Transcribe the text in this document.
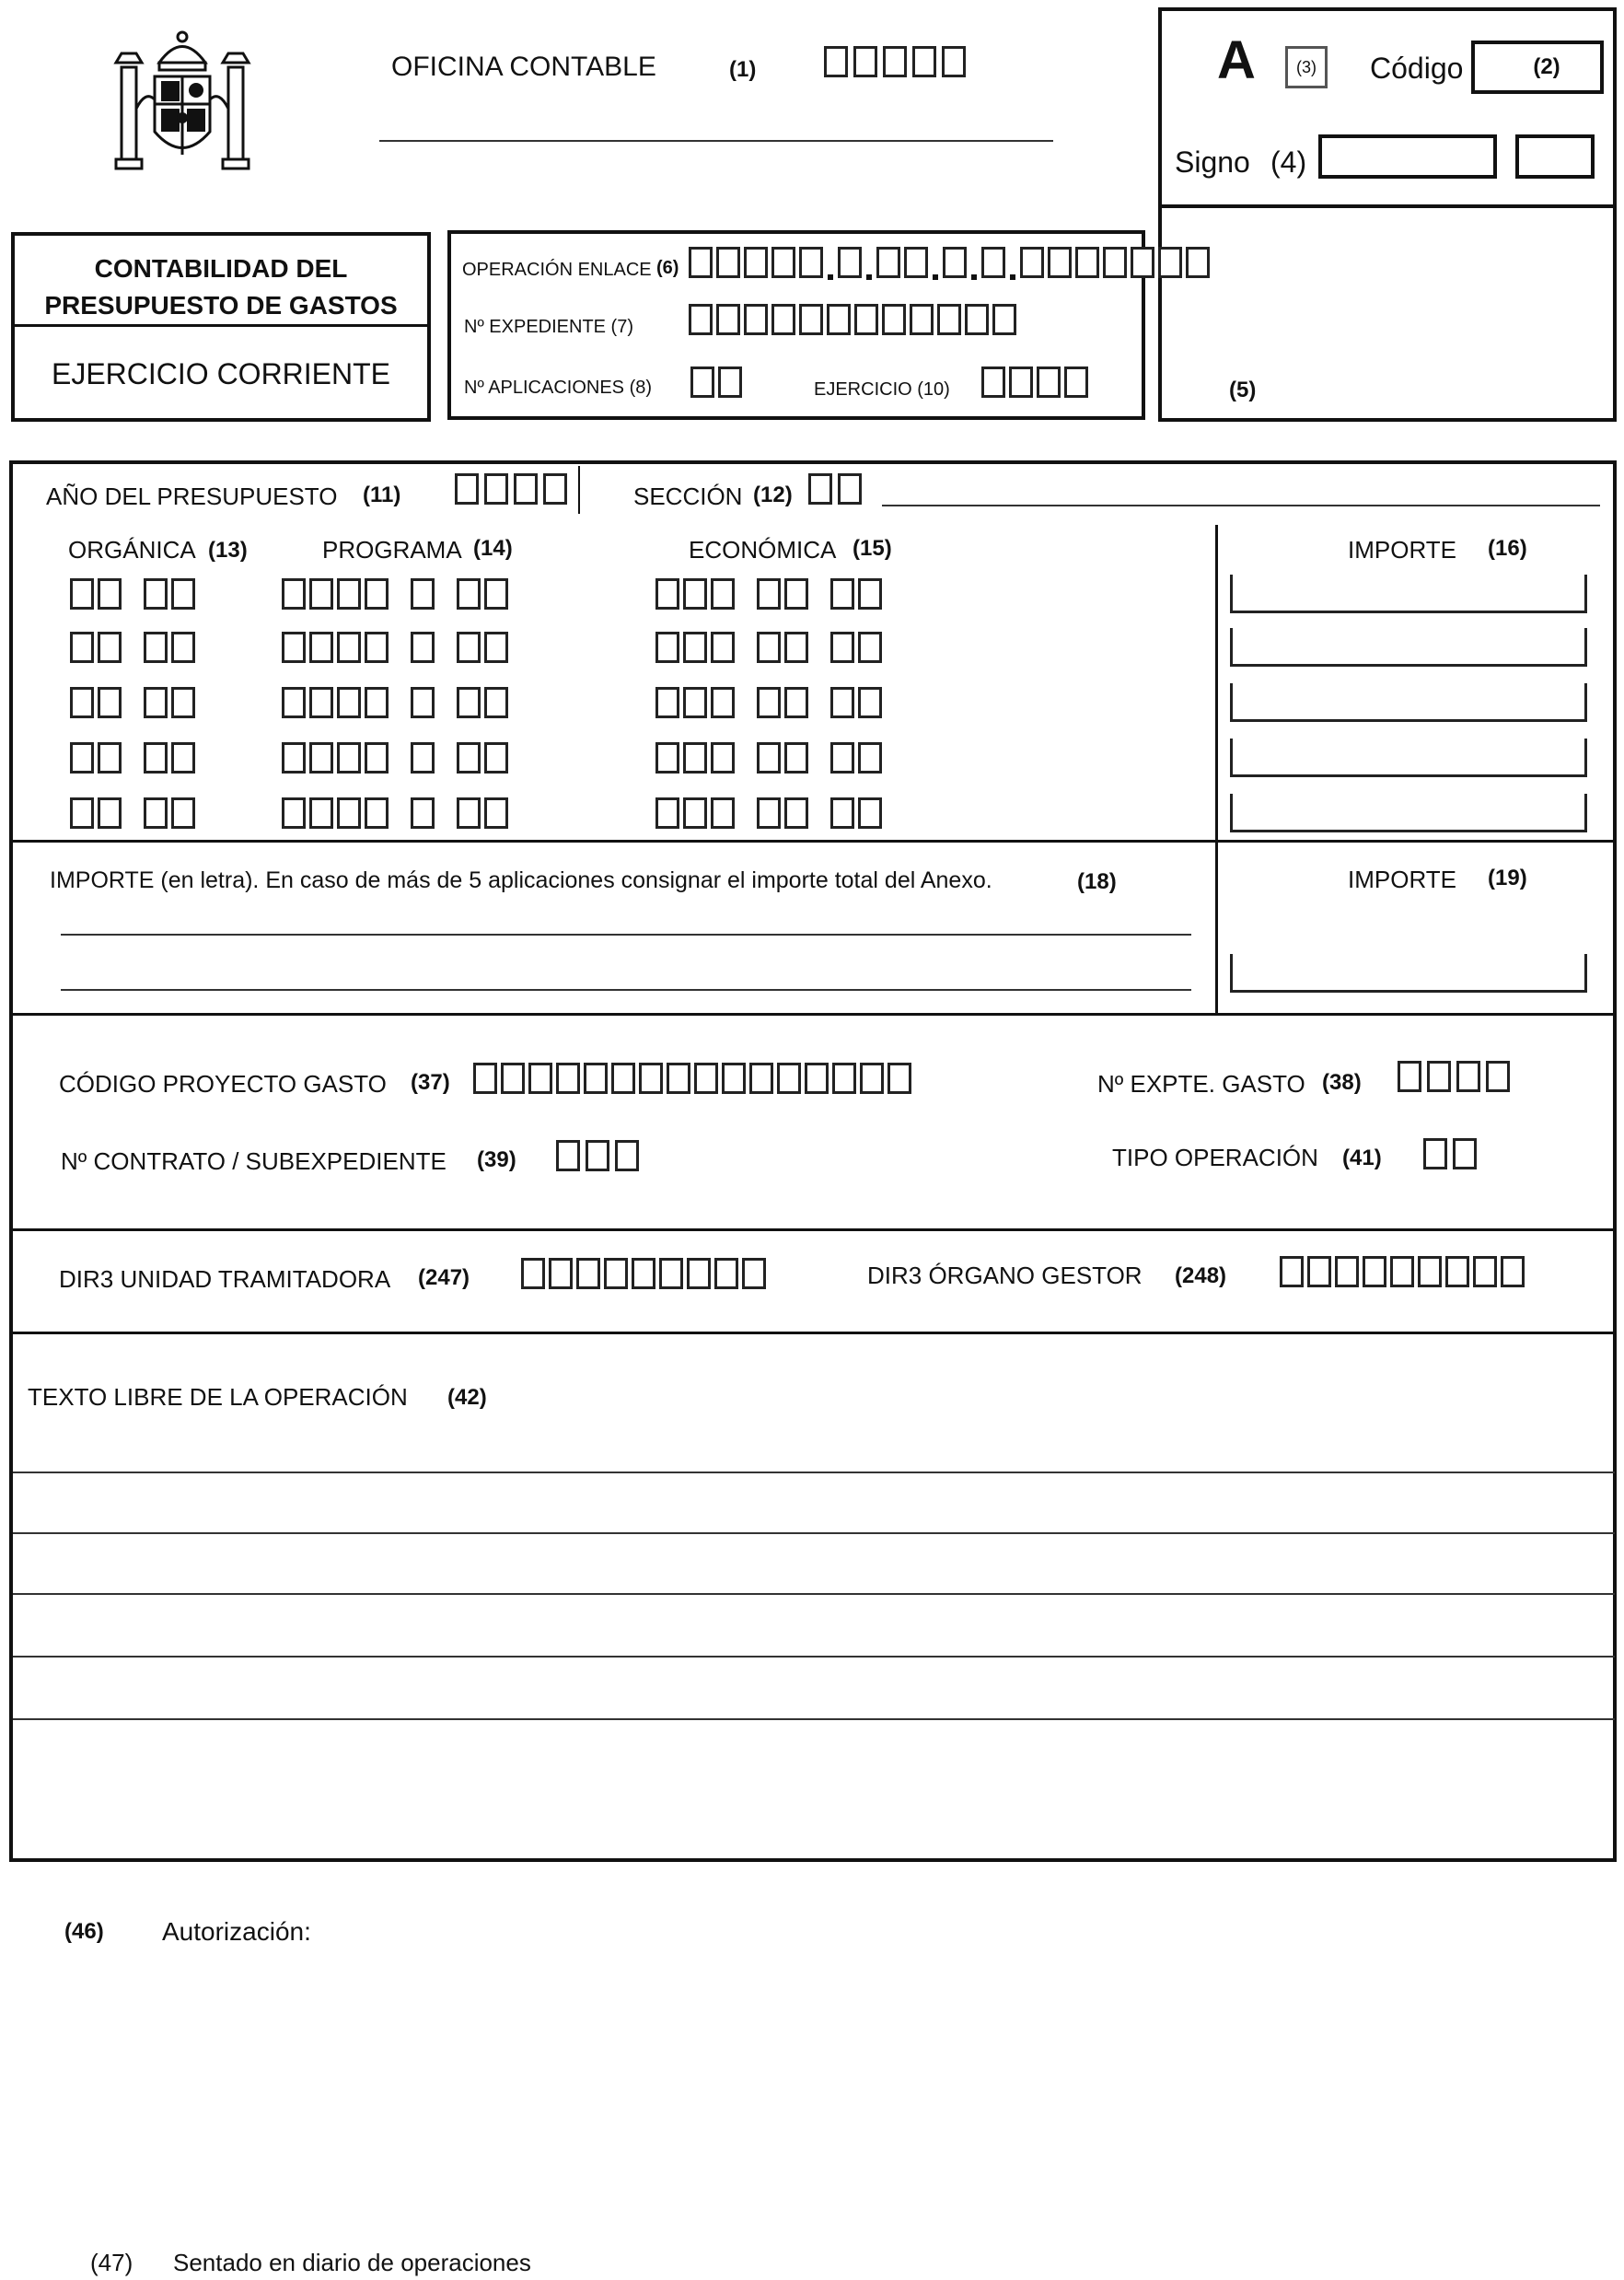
OFICINA CONTABLE	(1)	A (3) Código	(2)
Signo (4)
(5)
CONTABILIDAD DEL
PRESUPUESTO DE GASTOS
EJERCICIO CORRIENTE
OPERACIÓN ENLACE (6)
Nº EXPEDIENTE (7)
Nº APLICACIONES (8)	EJERCICIO (10)
AÑO DEL PRESUPUESTO (11)	SECCIÓN (12)
ORGÁNICA (13)	PROGRAMA (14)	ECONÓMICA (15)	IMPORTE (16)
IMPORTE (en letra). En caso de más de 5 aplicaciones consignar el importe total del Anexo.	(18)	IMPORTE (19)
CÓDIGO PROYECTO GASTO (37)	Nº EXPTE. GASTO (38)
Nº CONTRATO / SUBEXPEDIENTE (39)	TIPO OPERACIÓN (41)
DIR3 UNIDAD TRAMITADORA (247)	DIR3 ÓRGANO GESTOR (248)
TEXTO LIBRE DE LA OPERACIÓN (42)
(46) Autorización:
(47) Sentado en diario de operaciones
